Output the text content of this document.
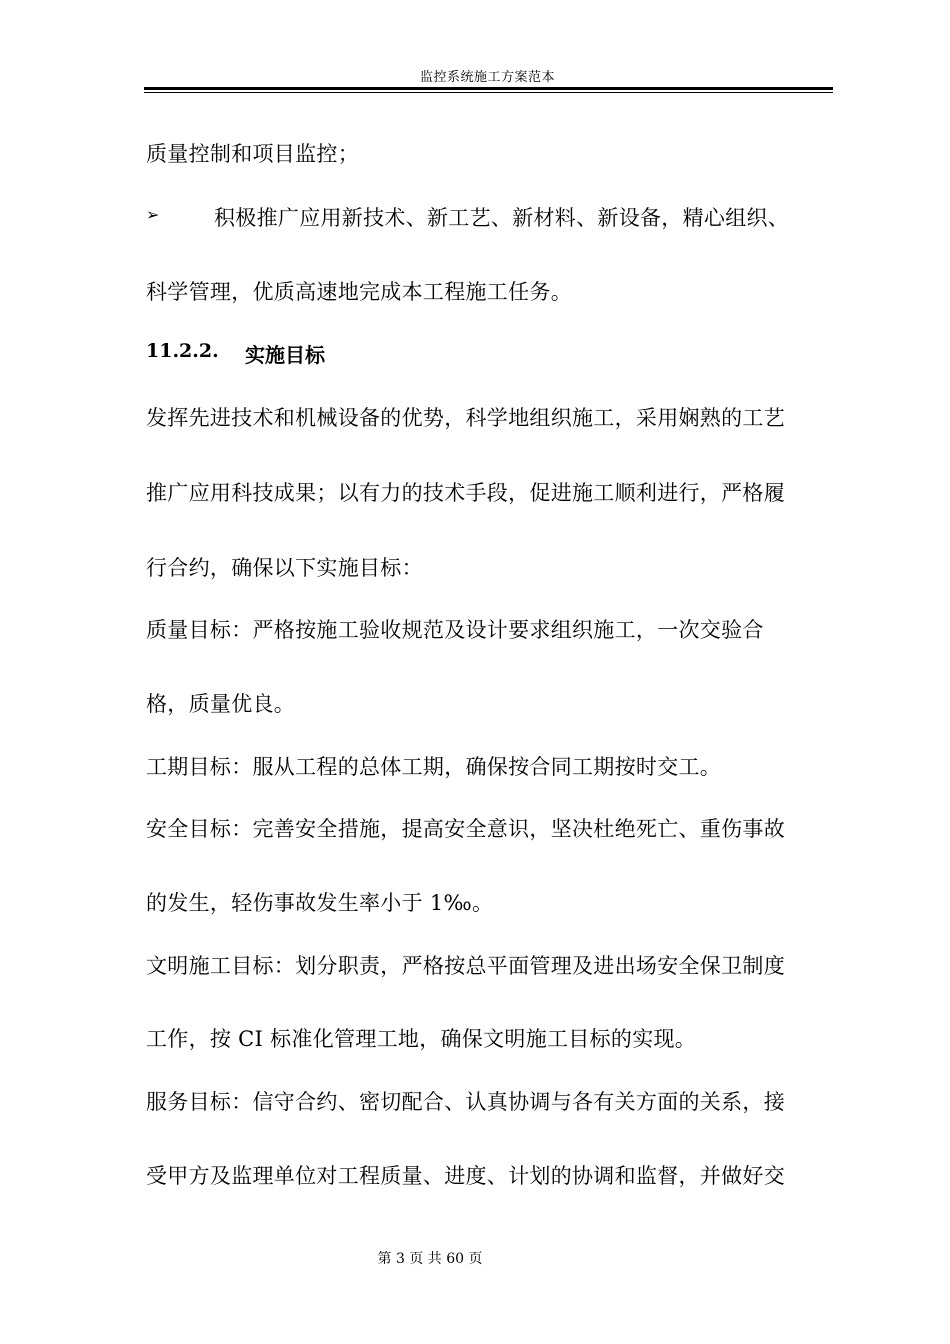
监控系统施工方案范本
质量控制和项目监控；
➢	积极推广应用新技术、新工艺、新材料、新设备，精心组织、
科学管理，优质高速地完成本工程施工任务。
11.2.2. 实施目标
发挥先进技术和机械设备的优势，科学地组织施工，采用娴熟的工艺
推广应用科技成果；以有力的技术手段，促进施工顺利进行，严格履
行合约，确保以下实施目标：
质量目标：严格按施工验收规范及设计要求组织施工，一次交验合
格，质量优良。
工期目标：服从工程的总体工期，确保按合同工期按时交工。
安全目标：完善安全措施，提高安全意识，坚决杜绝死亡、重伤事故
的发生，轻伤事故发生率小于 1‰。
文明施工目标：划分职责，严格按总平面管理及进出场安全保卫制度
工作，按 CI 标准化管理工地，确保文明施工目标的实现。
服务目标：信守合约、密切配合、认真协调与各有关方面的关系，接
受甲方及监理单位对工程质量、进度、计划的协调和监督，并做好交
第 3 页 共 60 页
